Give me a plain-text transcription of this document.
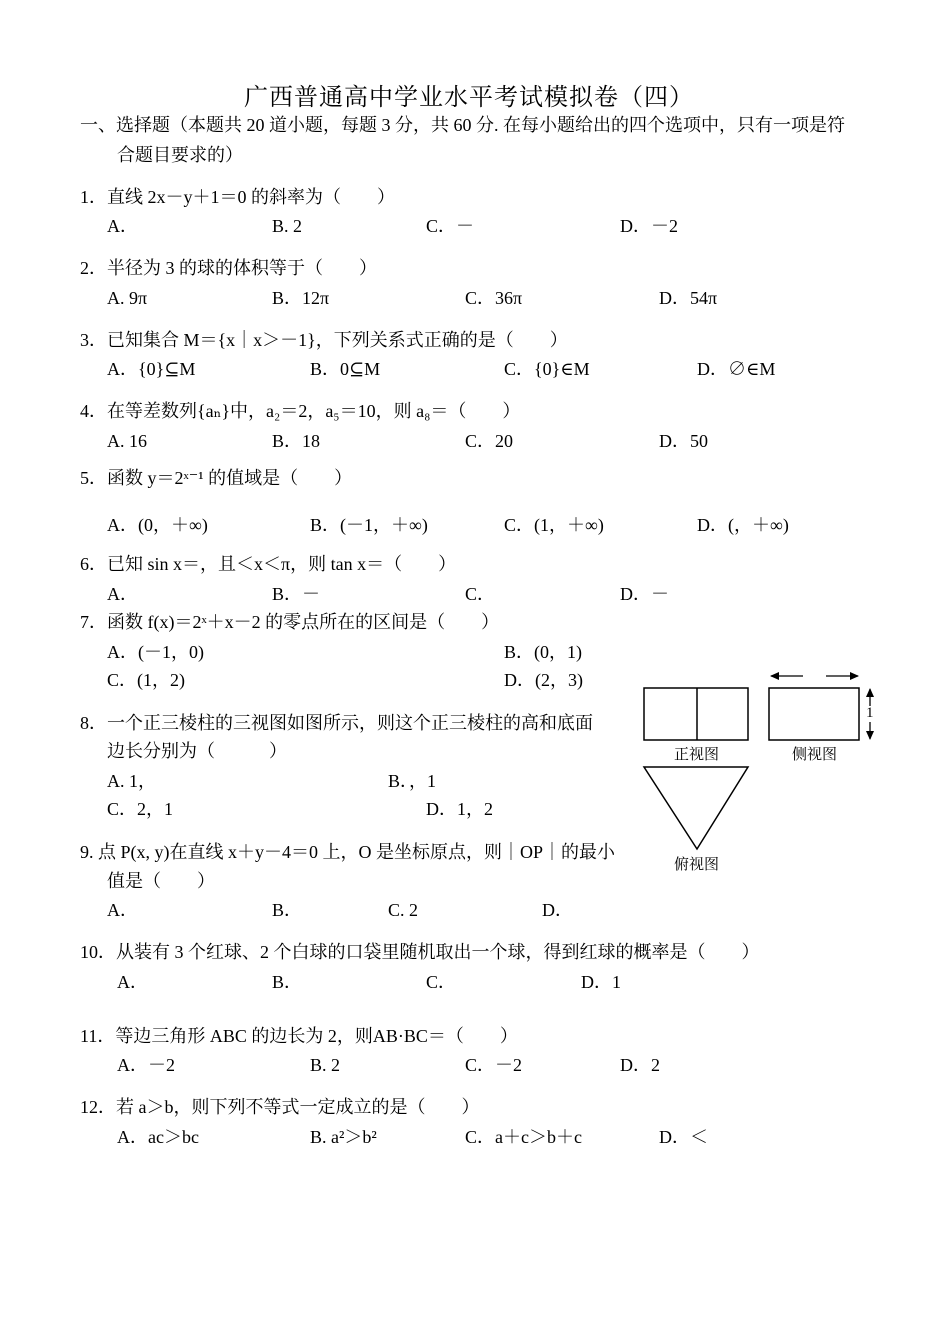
广西普通高中学业水平考试模拟卷（四）
一、选择题（本题共 20 道小题，每题 3 分，共 60 分. 在每小题给出的四个选项中，只有一项是符
合题目要求的）
1．直线 2x－y＋1＝0 的斜率为（　　）
A．	B. 2	C．－	D．－2
2．半径为 3 的球的体积等于（　　）
A. 9π	B．12π	C．36π	D．54π
3．已知集合 M＝{x｜x＞－1}，下列关系式正确的是（　　）
A．{0}⊆M	B．0⊆M	C．{0}∈M	D．∅∈M
4．在等差数列{aₙ}中，a₂＝2，a₅＝10，则 a₈＝（　　）
A. 16	B．18	C．20	D．50
5．函数 y＝2ˣ⁻¹ 的值域是（　　）
A．(0，＋∞)	B．(－1，＋∞)	C．(1，＋∞)	D．(，＋∞)
6．已知 sin x＝，且＜x＜π，则 tan x＝（　　）
A．	B．－	C．	D．－
7．函数 f(x)＝2ˣ＋x－2 的零点所在的区间是（　　）
A．(－1，0)	B．(0，1)
C．(1，2)	D．(2，3)
8．一个正三棱柱的三视图如图所示，则这个正三棱柱的高和底面
边长分别为（　　　）
A. 1，	B．，1
C．2，1	D．1，2
9. 点 P(x, y)在直线 x＋y－4＝0 上，O 是坐标原点，则｜OP｜的最小
值是（　　）
A．	B．	C. 2	D．
10．从装有 3 个红球、2 个白球的口袋里随机取出一个球，得到红球的概率是（　　）
A．	B．	C．	D．1
11．等边三角形 ABC 的边长为 2，则AB·BC＝（　　）
A．－2	B. 2	C．－2	D．2
12．若 a＞b，则下列不等式一定成立的是（　　）
A．ac＞bc	B. a²＞b²	C．a＋c＞b＋c	D．＜
1
正视图	侧视图
俯视图
